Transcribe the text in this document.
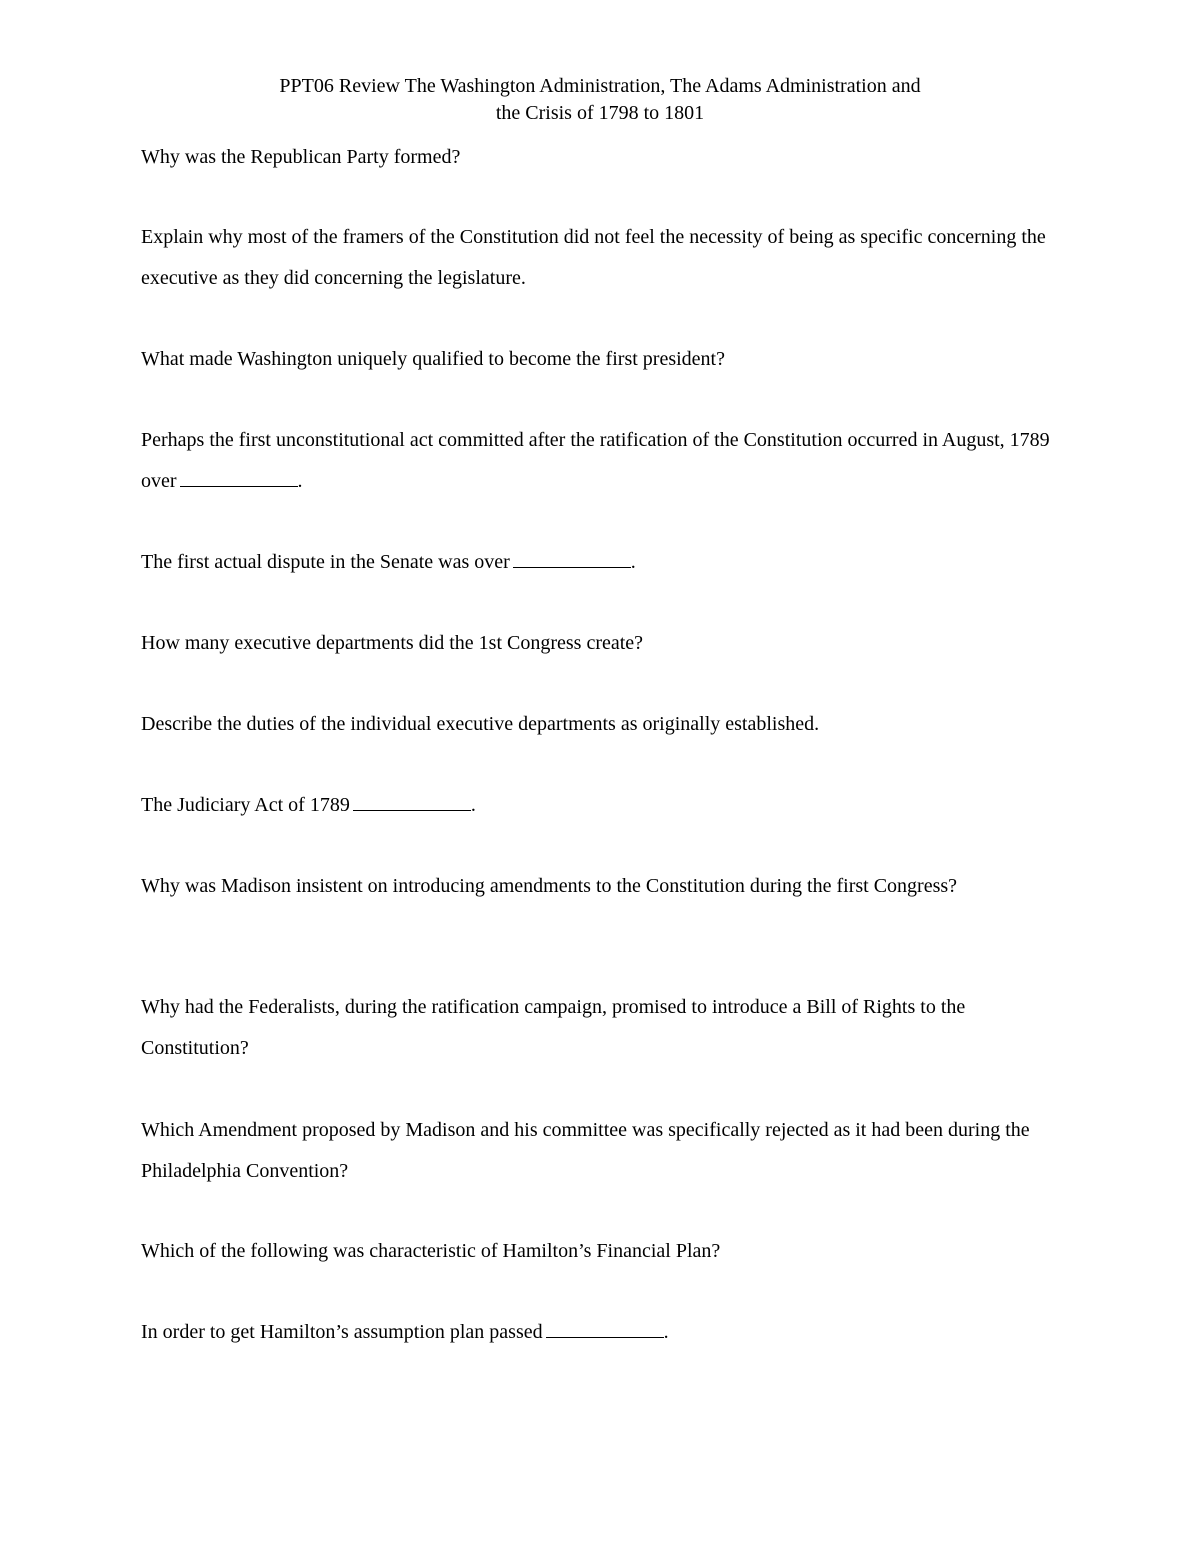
PPT06 Review The Washington Administration, The Adams Administration and
the Crisis of 1798 to 1801

Why was the Republican Party formed?

Explain why most of the framers of the Constitution did not feel the necessity of being as specific concerning the executive as they did concerning the legislature.

What made Washington uniquely qualified to become the first president?

Perhaps the first unconstitutional act committed after the ratification of the Constitution occurred in August, 1789 over	.

The first actual dispute in the Senate was over	.

How many executive departments did the 1st Congress create?

Describe the duties of the individual executive departments as originally established.

The Judiciary Act of 1789	.

Why was Madison insistent on introducing amendments to the Constitution during the first Congress?

Why had the Federalists, during the ratification campaign, promised to introduce a Bill of Rights to the Constitution?

Which Amendment proposed by Madison and his committee was specifically rejected as it had been during the Philadelphia Convention?

Which of the following was characteristic of Hamilton’s Financial Plan?

In order to get Hamilton’s assumption plan passed	.
